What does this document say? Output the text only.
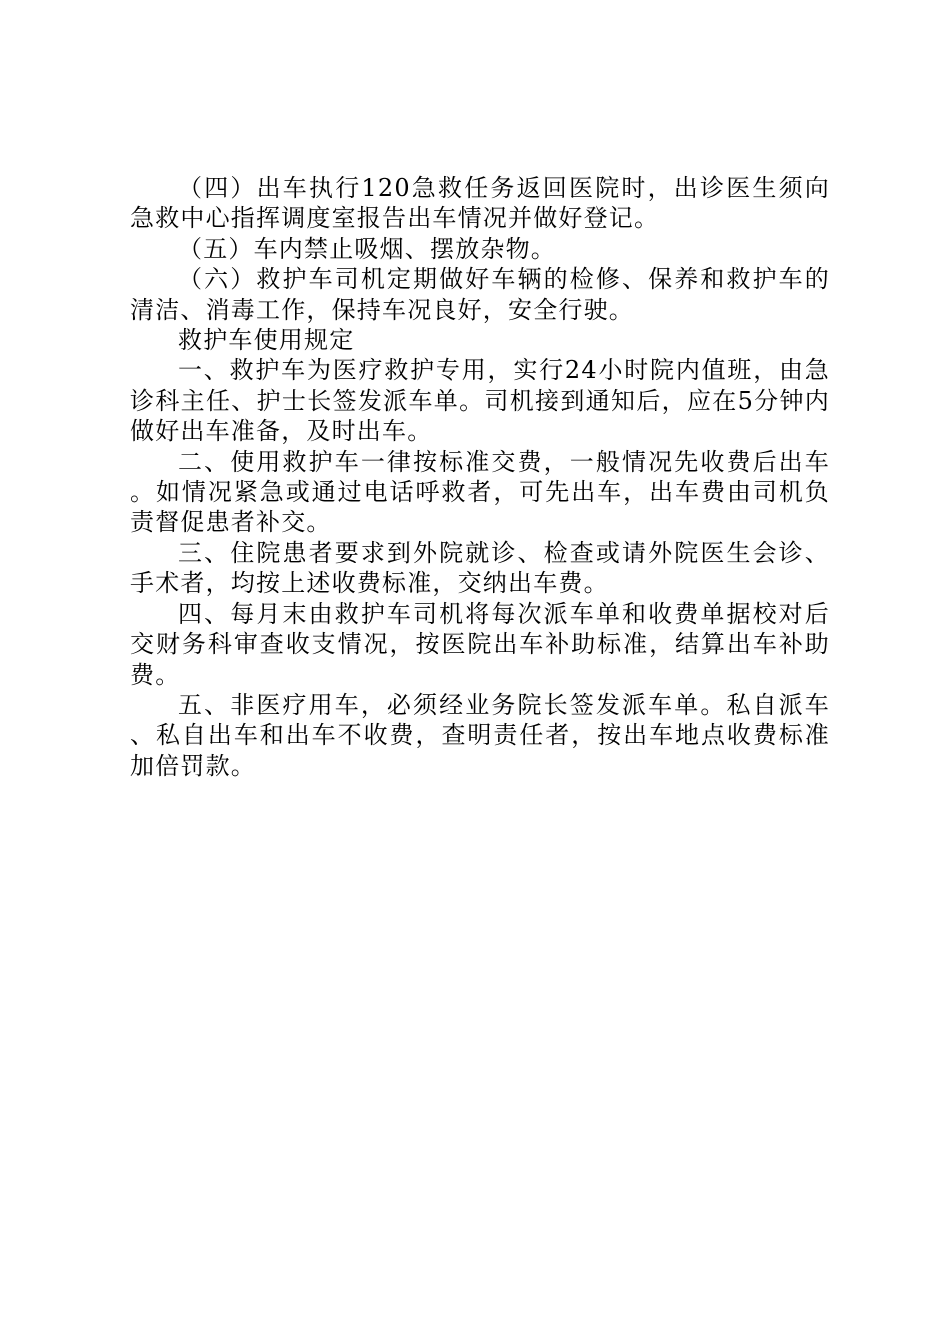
（四）出车执行120急救任务返回医院时，出诊医生须向急救中心指挥调度室报告出车情况并做好登记。

（五）车内禁止吸烟、摆放杂物。

（六）救护车司机定期做好车辆的检修、保养和救护车的清洁、消毒工作，保持车况良好，安全行驶。

救护车使用规定

一、救护车为医疗救护专用，实行24小时院内值班，由急诊科主任、护士长签发派车单。司机接到通知后，应在5分钟内做好出车准备，及时出车。

二、使用救护车一律按标准交费，一般情况先收费后出车。如情况紧急或通过电话呼救者，可先出车，出车费由司机负责督促患者补交。

三、住院患者要求到外院就诊、检查或请外院医生会诊、手术者，均按上述收费标准，交纳出车费。

四、每月末由救护车司机将每次派车单和收费单据校对后交财务科审查收支情况，按医院出车补助标准，结算出车补助费。

五、非医疗用车，必须经业务院长签发派车单。私自派车、私自出车和出车不收费，查明责任者，按出车地点收费标准加倍罚款。
